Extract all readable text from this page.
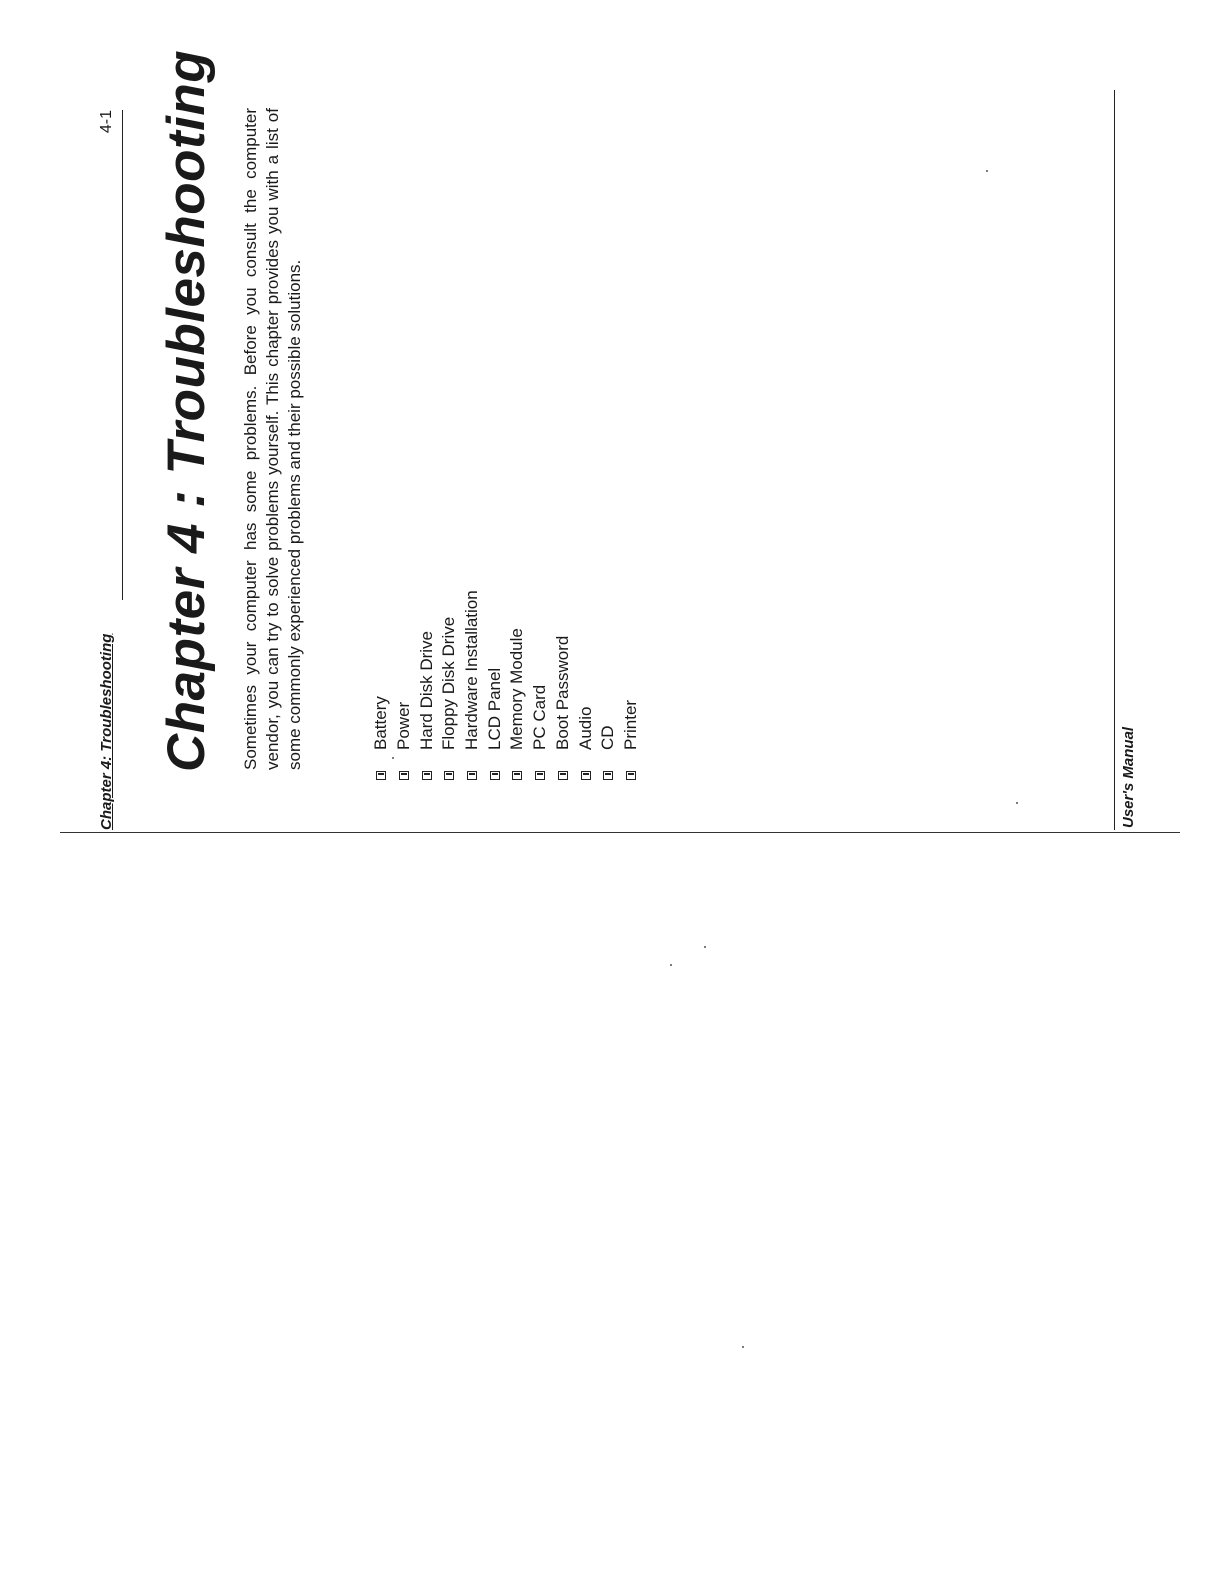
Chapter 4: Troubleshooting
4-1 Chapter 4 : Troubleshooting Sometimes your computer has some problems. Before you consult the computer vendor, you can try to solve problems yourself. This chapter provides you with a list of some commonly experienced problems and their possible solutions.	Battery Power Hard Disk Drive Floppy Disk Drive Hardware Installation LCD Panel Memory Module PC Card Boot Password Audio CD Printer
User's Manual
